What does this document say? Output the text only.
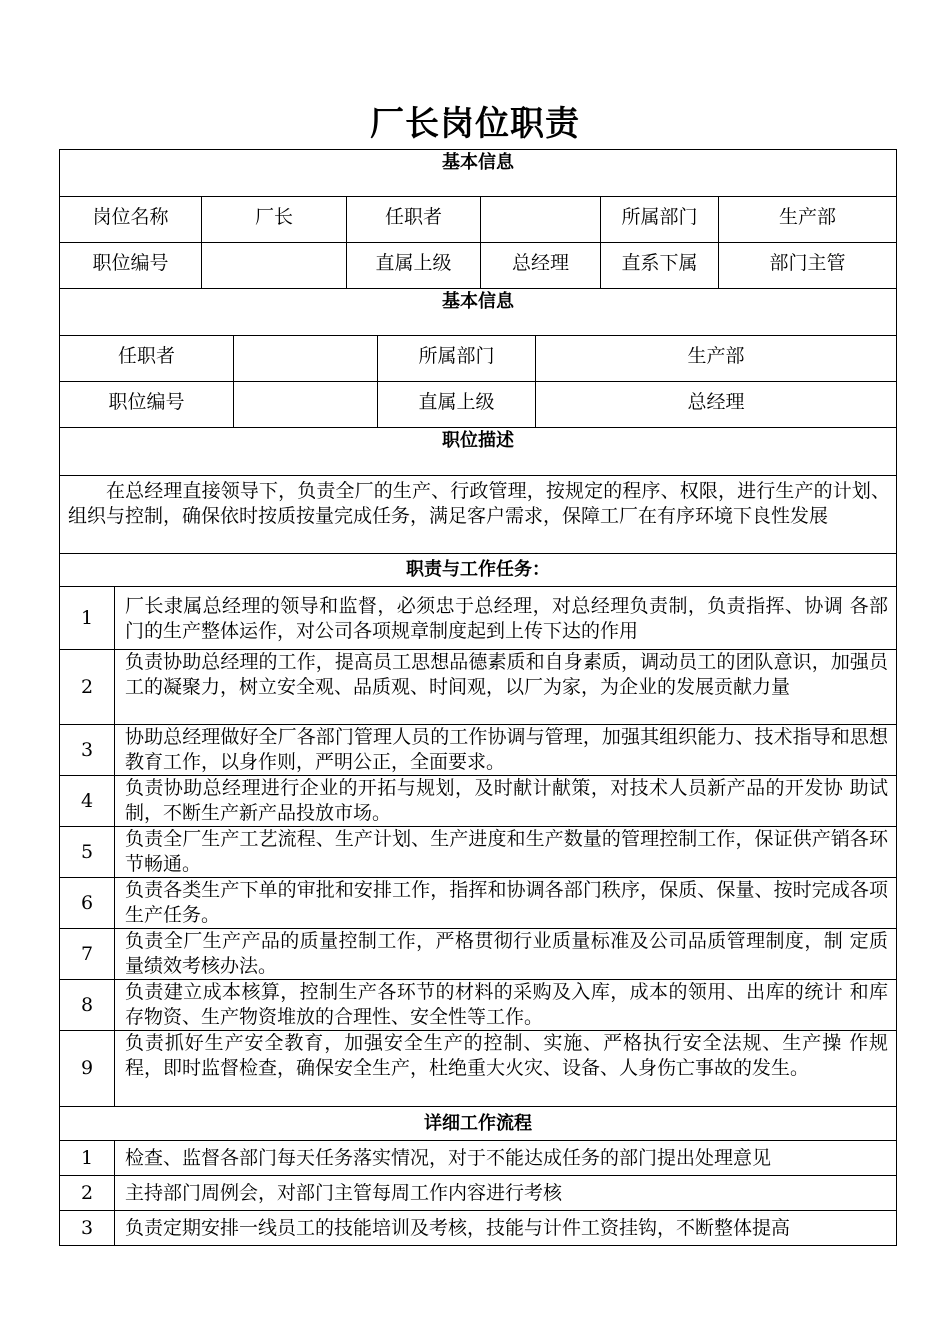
厂长岗位职责
基本信息					
岗位名称	厂长	任职者		所属部门	生产部
职位编号		直属上级	总经理	直系下属	部门主管
基本信息			
任职者		所属部门	生产部
职位编号		直属上级	总经理
职位描述	
在总经理直接领导下，负责全厂的生产、行政管理，按规定的程序、权限，进行生产的计划、组织与控制，确保依时按质按量完成任务，满足客户需求，保障工厂在有序环境下良性发展	
职责与工作任务：	
1	厂长隶属总经理的领导和监督，必须忠于总经理，对总经理负责制，负责指挥、协调 各部门的生产整体运作，对公司各项规章制度起到上传下达的作用
2	负责协助总经理的工作，提高员工思想品德素质和自身素质，调动员工的团队意识，加强员工的凝聚力，树立安全观、品质观、时间观，以厂为家，为企业的发展贡献力量
3	协助总经理做好全厂各部门管理人员的工作协调与管理，加强其组织能力、技术指导和思想教育工作，以身作则，严明公正，全面要求。
4	负责协助总经理进行企业的开拓与规划，及时献计献策，对技术人员新产品的开发协 助试制，不断生产新产品投放市场。
5	负责全厂生产工艺流程、生产计划、生产进度和生产数量的管理控制工作，保证供产销各环节畅通。
6	负责各类生产下单的审批和安排工作，指挥和协调各部门秩序，保质、保量、按时完成各项生产任务。
7	负责全厂生产产品的质量控制工作，严格贯彻行业质量标准及公司品质管理制度，制 定质量绩效考核办法。
8	负责建立成本核算，控制生产各环节的材料的采购及入库，成本的领用、出库的统计 和库存物资、生产物资堆放的合理性、安全性等工作。
9	负责抓好生产安全教育，加强安全生产的控制、实施、严格执行安全法规、生产操 作规程，即时监督检查，确保安全生产，杜绝重大火灾、设备、人身伤亡事故的发生。
详细工作流程	
1	检查、监督各部门每天任务落实情况，对于不能达成任务的部门提出处理意见
2	主持部门周例会，对部门主管每周工作内容进行考核
3	负责定期安排一线员工的技能培训及考核，技能与计件工资挂钩，不断整体提高
